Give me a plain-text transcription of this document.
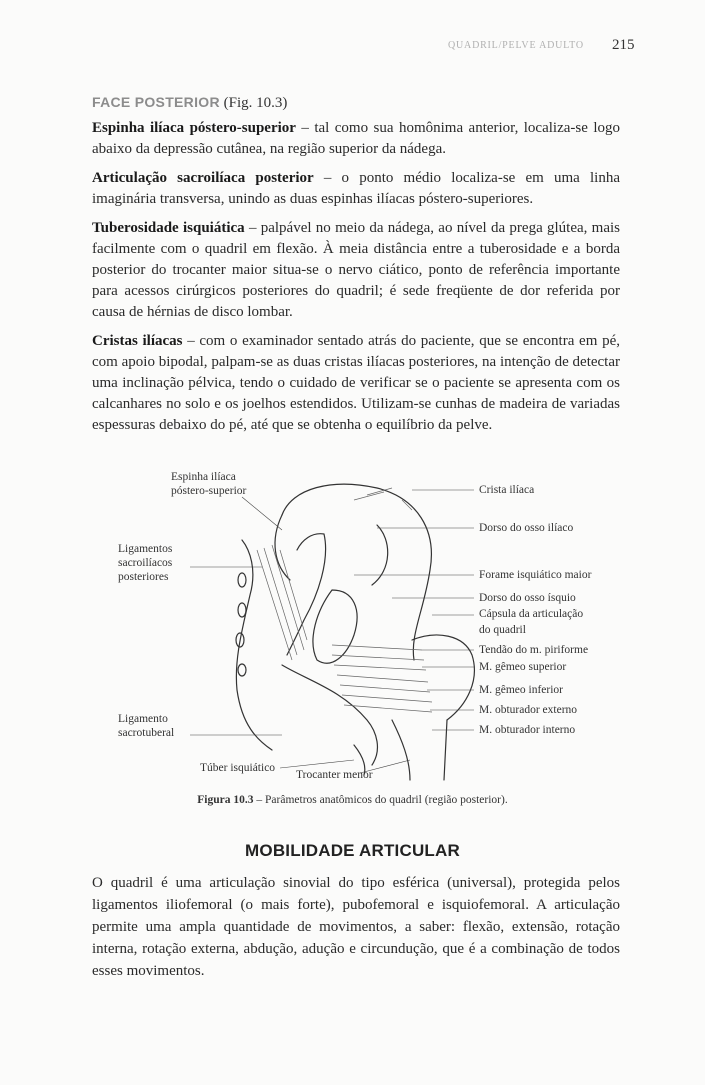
QUADRIL/PELVE ADULTO 215
FACE POSTERIOR (Fig. 10.3)

Espinha ilíaca póstero-superior – tal como sua homônima anterior, localiza-se logo abaixo da depressão cutânea, na região superior da nádega.

Articulação sacroilíaca posterior – o ponto médio localiza-se em uma linha imaginária transversa, unindo as duas espinhas ilíacas póstero-superiores.

Tuberosidade isquiática – palpável no meio da nádega, ao nível da prega glútea, mais facilmente com o quadril em flexão. À meia distância entre a tuberosidade e a borda posterior do trocanter maior situa-se o nervo ciático, ponto de referência importante para acessos cirúrgicos posteriores do quadril; é sede freqüente de dor referida por causa de hérnias de disco lombar.

Cristas ilíacas – com o examinador sentado atrás do paciente, que se encontra em pé, com apoio bipodal, palpam-se as duas cristas ilíacas posteriores, na intenção de detectar uma inclinação pélvica, tendo o cuidado de verificar se o paciente se apresenta com os calcanhares no solo e os joelhos estendidos. Utilizam-se cunhas de madeira de variadas espessuras debaixo do pé, até que se obtenha o equilíbrio da pelve.

Espinha ilíaca
póstero-superior
Ligamentos
sacroilíacos
posteriores
Ligamento
sacrotuberal
Túber isquiático
Trocanter menor
Crista ilíaca
Dorso do osso ilíaco
Forame isquiático maior
Dorso do osso ísquio
Cápsula da articulação
do quadril
Tendão do m. piriforme
M. gêmeo superior
M. gêmeo inferior
M. obturador externo
M. obturador interno
Figura 10.3 – Parâmetros anatômicos do quadril (região posterior).
MOBILIDADE ARTICULAR

O quadril é uma articulação sinovial do tipo esférica (universal), protegida pelos ligamentos iliofemoral (o mais forte), pubofemoral e isquiofemoral. A articulação permite uma ampla quantidade de movimentos, a saber: flexão, extensão, rotação interna, rotação externa, abdução, adução e circundução, que é a combinação de todos esses movimentos.
